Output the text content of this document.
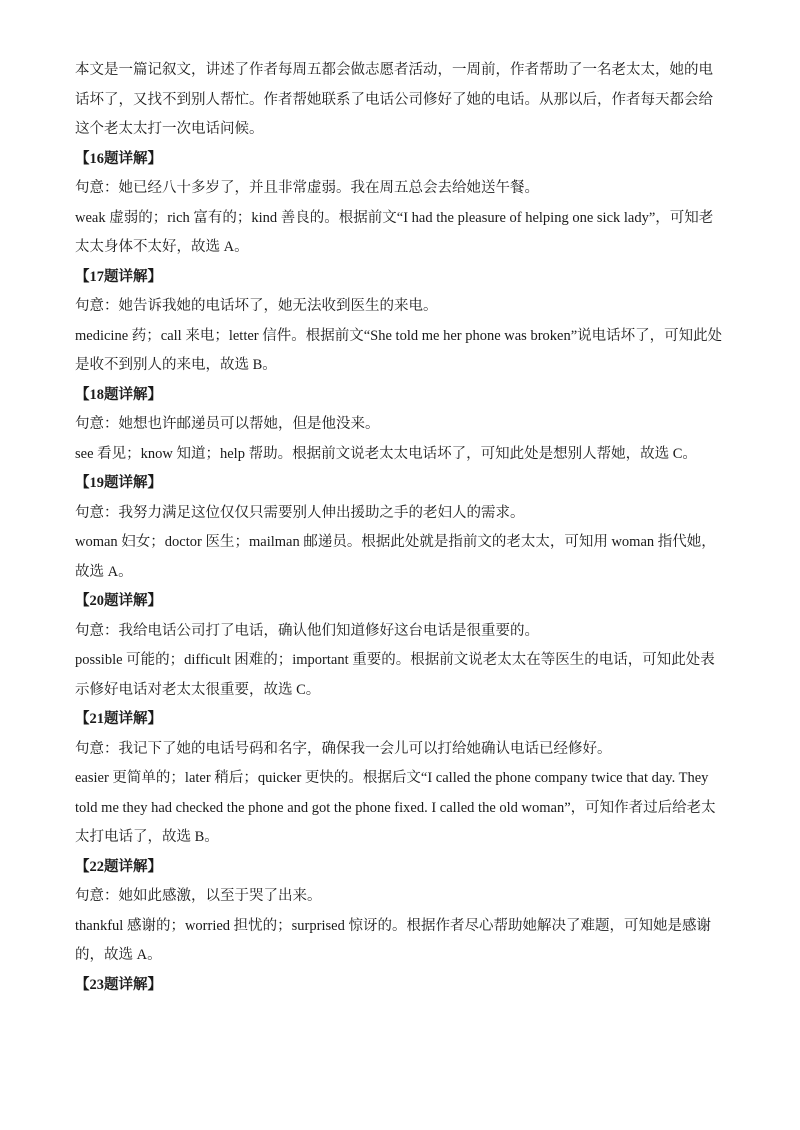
本文是一篇记叙文，讲述了作者每周五都会做志愿者活动，一周前，作者帮助了一名老太太，她的电话坏了，又找不到别人帮忙。作者帮她联系了电话公司修好了她的电话。从那以后，作者每天都会给这个老太太打一次电话问候。

【16题详解】

句意：她已经八十多岁了，并且非常虚弱。我在周五总会去给她送午餐。

weak 虚弱的；rich 富有的；kind 善良的。根据前文“I had the pleasure of helping one sick lady”，可知老太太身体不太好，故选 A。

【17题详解】

句意：她告诉我她的电话坏了，她无法收到医生的来电。

medicine 药；call 来电；letter 信件。根据前文“She told me her phone was broken”说电话坏了，可知此处是收不到别人的来电，故选 B。

【18题详解】

句意：她想也许邮递员可以帮她，但是他没来。

see 看见；know 知道；help 帮助。根据前文说老太太电话坏了，可知此处是想别人帮她，故选 C。

【19题详解】

句意：我努力满足这位仅仅只需要别人伸出援助之手的老妇人的需求。

woman 妇女；doctor 医生；mailman 邮递员。根据此处就是指前文的老太太，可知用 woman 指代她，故选 A。

【20题详解】

句意：我给电话公司打了电话，确认他们知道修好这台电话是很重要的。

possible 可能的；difficult 困难的；important 重要的。根据前文说老太太在等医生的电话，可知此处表示修好电话对老太太很重要，故选 C。

【21题详解】

句意：我记下了她的电话号码和名字，确保我一会儿可以打给她确认电话已经修好。

easier 更简单的；later 稍后；quicker 更快的。根据后文“I called the phone company twice that day. They told me they had checked the phone and got the phone fixed. I called the old woman”，可知作者过后给老太太打电话了，故选 B。

【22题详解】

句意：她如此感激，以至于哭了出来。

thankful 感谢的；worried 担忧的；surprised 惊讶的。根据作者尽心帮助她解决了难题，可知她是感谢的，故选 A。

【23题详解】
